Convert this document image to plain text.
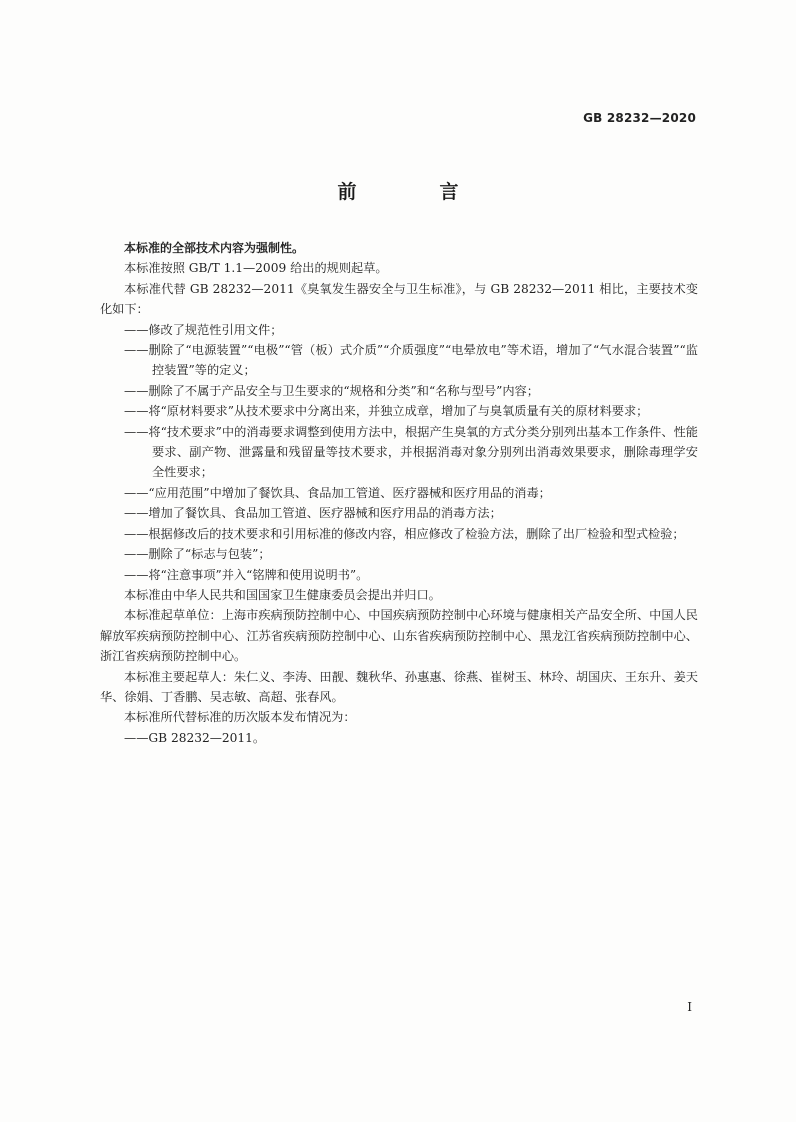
GB 28232—2020
前　言

本标准的全部技术内容为强制性。

本标准按照 GB/T 1.1—2009 给出的规则起草。

本标准代替 GB 28232—2011《臭氧发生器安全与卫生标准》，与 GB 28232—2011 相比，主要技术变化如下：

——修改了规范性引用文件；

——删除了“电源装置”“电极”“管（板）式介质”“介质强度”“电晕放电”等术语，增加了“气水混合装置”“监控装置”等的定义；

——删除了不属于产品安全与卫生要求的“规格和分类”和“名称与型号”内容；

——将“原材料要求”从技术要求中分离出来，并独立成章，增加了与臭氧质量有关的原材料要求；

——将“技术要求”中的消毒要求调整到使用方法中，根据产生臭氧的方式分类分别列出基本工作条件、性能要求、副产物、泄露量和残留量等技术要求，并根据消毒对象分别列出消毒效果要求，删除毒理学安全性要求；

——“应用范围”中增加了餐饮具、食品加工管道、医疗器械和医疗用品的消毒；

——增加了餐饮具、食品加工管道、医疗器械和医疗用品的消毒方法；

——根据修改后的技术要求和引用标准的修改内容，相应修改了检验方法，删除了出厂检验和型式检验；

——删除了“标志与包装”；

——将“注意事项”并入“铭牌和使用说明书”。

本标准由中华人民共和国国家卫生健康委员会提出并归口。

本标准起草单位：上海市疾病预防控制中心、中国疾病预防控制中心环境与健康相关产品安全所、中国人民解放军疾病预防控制中心、江苏省疾病预防控制中心、山东省疾病预防控制中心、黑龙江省疾病预防控制中心、浙江省疾病预防控制中心。

本标准主要起草人：朱仁义、李涛、田靓、魏秋华、孙惠惠、徐燕、崔树玉、林玲、胡国庆、王东升、姜天华、徐娟、丁香鹏、吴志敏、高超、张春风。

本标准所代替标准的历次版本发布情况为：

——GB 28232—2011。

I
